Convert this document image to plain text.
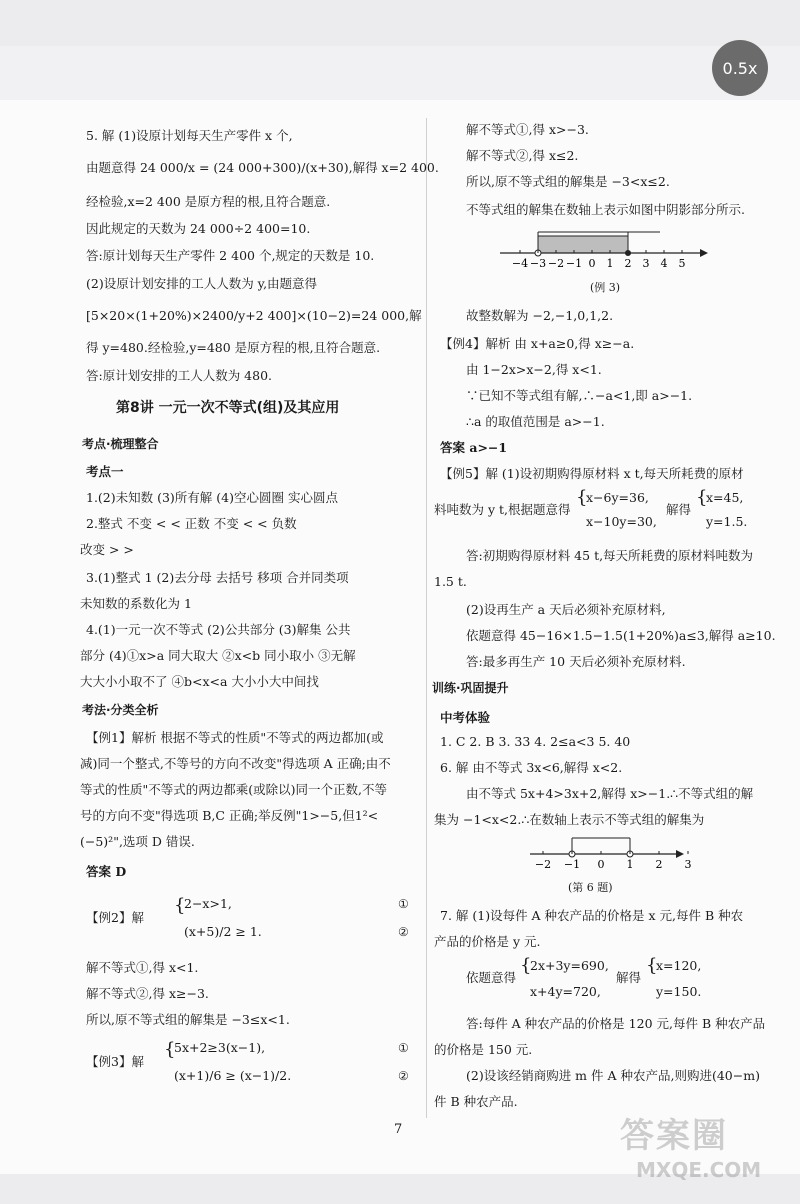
0.5x
5. 解 (1)设原计划每天生产零件 x 个,
由题意得 24 000/x = (24 000+300)/(x+30),解得 x=2 400.
经检验,x=2 400 是原方程的根,且符合题意.
因此规定的天数为 24 000÷2 400=10.
答:原计划每天生产零件 2 400 个,规定的天数是 10.
(2)设原计划安排的工人人数为 y,由题意得
[5×20×(1+20%)×2400/y+2 400]×(10−2)=24 000,解
得 y=480.经检验,y=480 是原方程的根,且符合题意.
答:原计划安排的工人人数为 480.
第8讲 一元一次不等式(组)及其应用
考点·梳理整合
考点一
1.(2)未知数 (3)所有解 (4)空心圆圈 实心圆点
2.整式 不变 < < 正数 不变 < < 负数
改变 > >
3.(1)整式 1 (2)去分母 去括号 移项 合并同类项
未知数的系数化为 1
4.(1)一元一次不等式 (2)公共部分 (3)解集 公共
部分 (4)①x>a 同大取大 ②x<b 同小取小 ③无解
大大小小取不了 ④b<x<a 大小小大中间找
考法·分类全析
【例1】解析 根据不等式的性质"不等式的两边都加(或
减)同一个整式,不等号的方向不改变"得选项 A 正确;由不
等式的性质"不等式的两边都乘(或除以)同一个正数,不等
号的方向不变"得选项 B,C 正确;举反例"1>−5,但1²<
(−5)²",选项 D 错误.
答案 D
【例2】解
{
2−x>1,
(x+5)/2 ≥ 1.
①
②
解不等式①,得 x<1.
解不等式②,得 x≥−3.
所以,原不等式组的解集是 −3≤x<1.
【例3】解
{
5x+2≥3(x−1),
(x+1)/6 ≥ (x−1)/2.
①
②
解不等式①,得 x>−3.
解不等式②,得 x≤2.
所以,原不等式组的解集是 −3<x≤2.
不等式组的解集在数轴上表示如图中阴影部分所示.
−4 −3 −2 −1 0 1 2 3 4 5
(例 3)
故整数解为 −2,−1,0,1,2.
【例4】解析 由 x+a≥0,得 x≥−a.
由 1−2x>x−2,得 x<1.
∵已知不等式组有解,∴−a<1,即 a>−1.
∴a 的取值范围是 a>−1.
答案 a>−1
【例5】解 (1)设初期购得原材料 x t,每天所耗费的原材
料吨数为 y t,根据题意得
{
x−6y=36,
x−10y=30,
解得
{
x=45,
y=1.5.
答:初期购得原材料 45 t,每天所耗费的原材料吨数为
1.5 t.
(2)设再生产 a 天后必须补充原材料,
依题意得 45−16×1.5−1.5(1+20%)a≤3,解得 a≥10.
答:最多再生产 10 天后必须补充原材料.
训练·巩固提升
中考体验
1. C 2. B 3. 33 4. 2≤a<3 5. 40
6. 解 由不等式 3x<6,解得 x<2.
由不等式 5x+4>3x+2,解得 x>−1.∴不等式组的解
集为 −1<x<2.∴在数轴上表示不等式组的解集为
−2 −1 0 1 2 3
(第 6 题)
7. 解 (1)设每件 A 种农产品的价格是 x 元,每件 B 种农
产品的价格是 y 元.
依题意得
{
2x+3y=690,
x+4y=720,
解得
{
x=120,
y=150.
答:每件 A 种农产品的价格是 120 元,每件 B 种农产品
的价格是 150 元.
(2)设该经销商购进 m 件 A 种农产品,则购进(40−m)
件 B 种农产品.
7	答案圈
MXQE.COM
